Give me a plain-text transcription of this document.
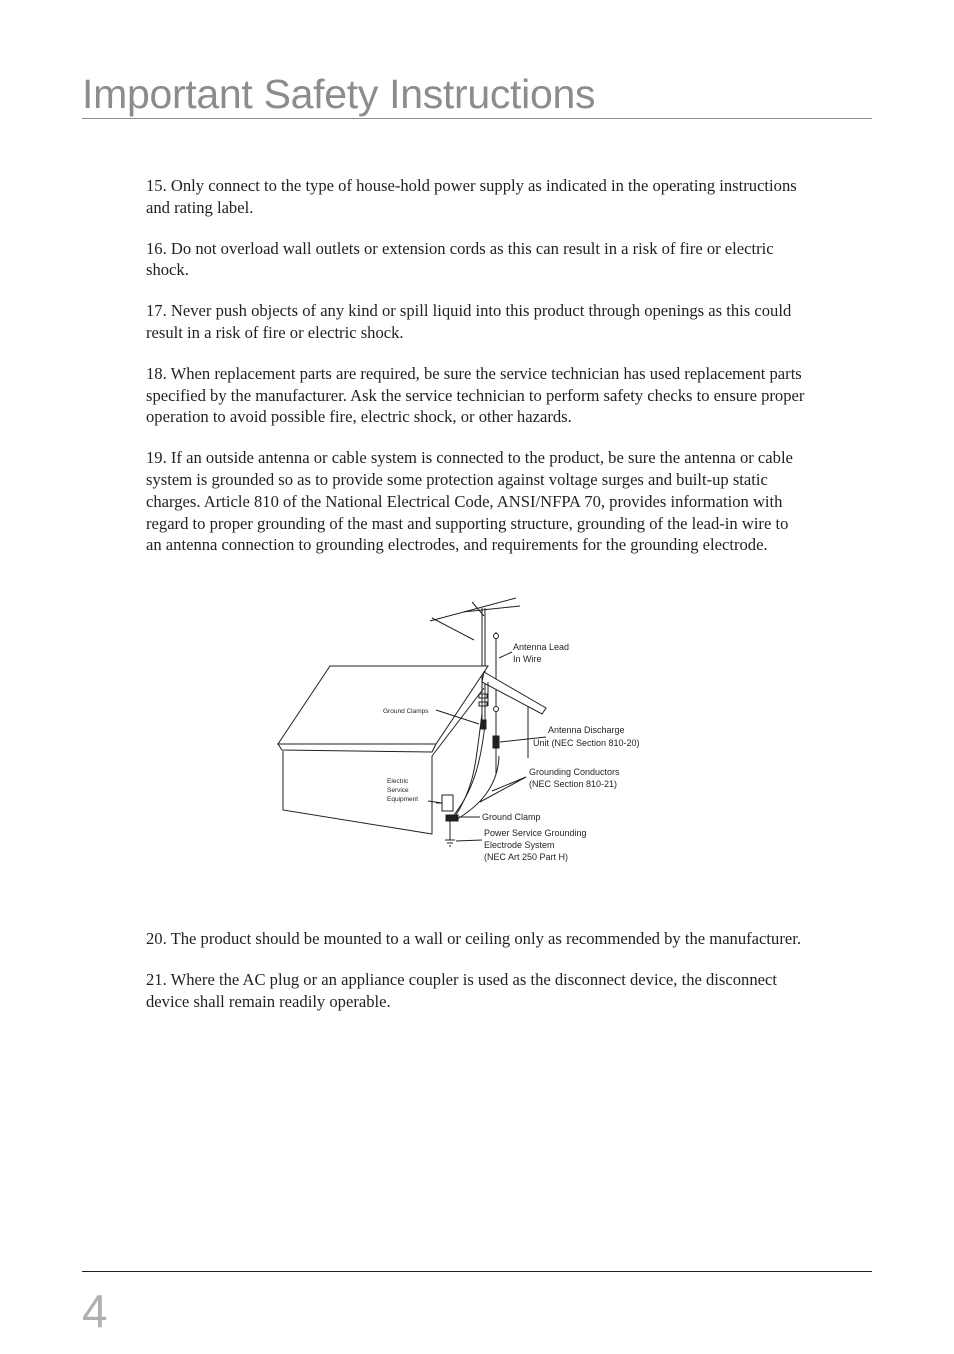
Important Safety Instructions

15. Only connect to the type of house-hold power supply as indicated in the operating instructions and rating label.

16. Do not overload wall outlets or extension cords as this can result in a risk of fire or electric shock.

17. Never push objects of any kind or spill liquid into this product through openings as this could result in a risk of fire or electric shock.

18. When replacement parts are required, be sure the service technician has used replacement parts specified by the manufacturer. Ask the service technician to perform safety checks to ensure proper operation to avoid possible fire, electric shock, or other hazards.

19. If an outside antenna or cable system is connected to the product, be sure the antenna or cable system is grounded so as to provide some protection against voltage surges and built-up static charges. Article 810 of the National Electrical Code, ANSI/NFPA 70, provides information with regard to proper grounding of the mast and supporting structure, grounding of the lead-in wire to an antenna connection to grounding electrodes, and requirements for the grounding electrode.

Antenna Lead
In Wire
Ground Clamps
Antenna Discharge
Unit (NEC Section 810-20)
Electric
Service
Equipment
Grounding Conductors
(NEC Section 810-21)
Ground Clamp
Power Service Grounding
Electrode System
(NEC Art 250 Part H)

20. The product should be mounted to a wall or ceiling only as recommended by the manufacturer.

21. Where the AC plug or an appliance coupler is used as the disconnect device, the disconnect device shall remain readily operable.

4
